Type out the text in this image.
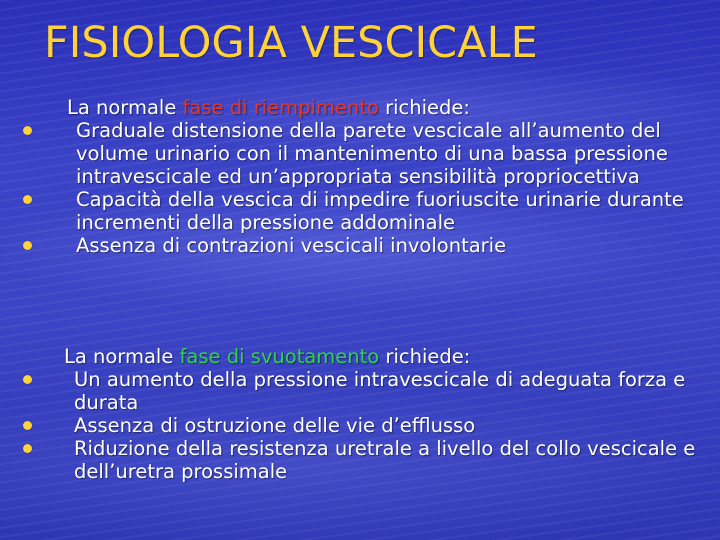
FISIOLOGIA VESCICALE
La normale fase di riempimento richiede:
Graduale distensione della parete vescicale all’aumento del volume urinario con il mantenimento di una bassa pressione intravescicale ed un’appropriata sensibilità propriocettiva
Capacità della vescica di impedire fuoriuscite urinarie durante incrementi della pressione addominale
Assenza di contrazioni vescicali involontarie
La normale fase di svuotamento richiede:
Un aumento della pressione intravescicale di adeguata forza e durata
Assenza di ostruzione delle vie d’efflusso
Riduzione della resistenza uretrale a livello del collo vescicale e dell’uretra prossimale
